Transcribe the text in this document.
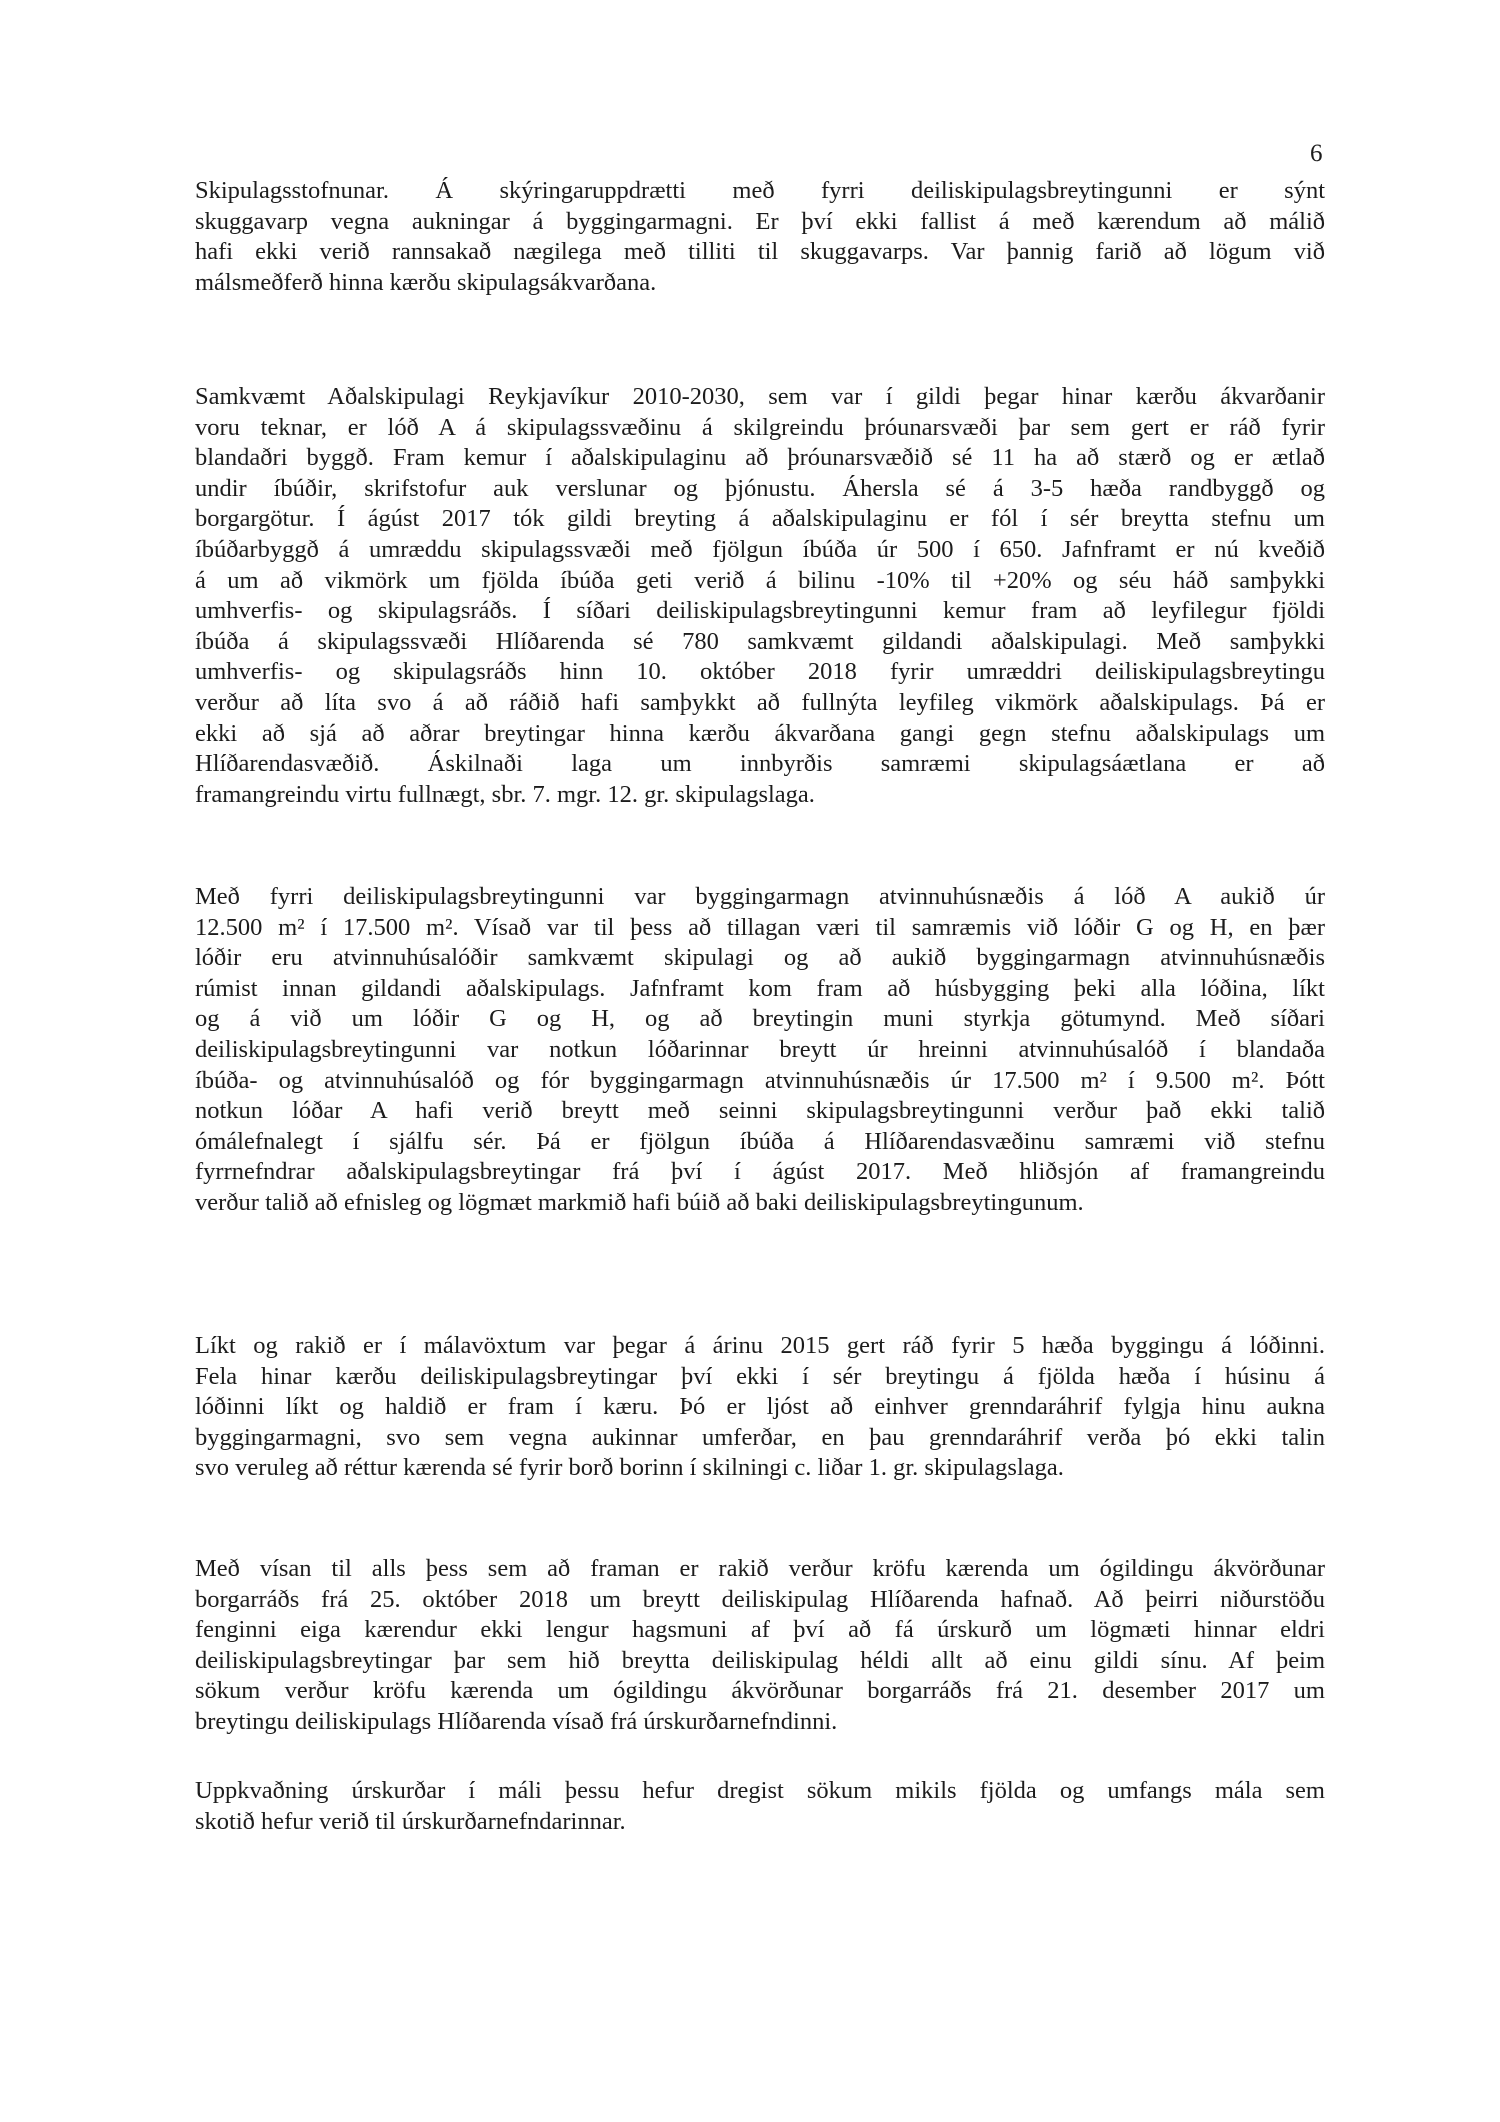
6
Skipulagsstofnunar. Á skýringaruppdrætti með fyrri deiliskipulagsbreytingunni er sýnt
skuggavarp vegna aukningar á byggingarmagni. Er því ekki fallist á með kærendum að málið
hafi ekki verið rannsakað nægilega með tilliti til skuggavarps. Var þannig farið að lögum við
málsmeðferð hinna kærðu skipulagsákvarðana.
Samkvæmt Aðalskipulagi Reykjavíkur 2010-2030, sem var í gildi þegar hinar kærðu ákvarðanir
voru teknar, er lóð A á skipulagssvæðinu á skilgreindu þróunarsvæði þar sem gert er ráð fyrir
blandaðri byggð. Fram kemur í aðalskipulaginu að þróunarsvæðið sé 11 ha að stærð og er ætlað
undir íbúðir, skrifstofur auk verslunar og þjónustu. Áhersla sé á 3-5 hæða randbyggð og
borgargötur. Í ágúst 2017 tók gildi breyting á aðalskipulaginu er fól í sér breytta stefnu um
íbúðarbyggð á umræddu skipulagssvæði með fjölgun íbúða úr 500 í 650. Jafnframt er nú kveðið
á um að vikmörk um fjölda íbúða geti verið á bilinu -10% til +20% og séu háð samþykki
umhverfis- og skipulagsráðs. Í síðari deiliskipulagsbreytingunni kemur fram að leyfilegur fjöldi
íbúða á skipulagssvæði Hlíðarenda sé 780 samkvæmt gildandi aðalskipulagi. Með samþykki
umhverfis- og skipulagsráðs hinn 10. október 2018 fyrir umræddri deiliskipulagsbreytingu
verður að líta svo á að ráðið hafi samþykkt að fullnýta leyfileg vikmörk aðalskipulags. Þá er
ekki að sjá að aðrar breytingar hinna kærðu ákvarðana gangi gegn stefnu aðalskipulags um
Hlíðarendasvæðið. Áskilnaði laga um innbyrðis samræmi skipulagsáætlana er að
framangreindu virtu fullnægt, sbr. 7. mgr. 12. gr. skipulagslaga.
Með fyrri deiliskipulagsbreytingunni var byggingarmagn atvinnuhúsnæðis á lóð A aukið úr
12.500 m² í 17.500 m². Vísað var til þess að tillagan væri til samræmis við lóðir G og H, en þær
lóðir eru atvinnuhúsalóðir samkvæmt skipulagi og að aukið byggingarmagn atvinnuhúsnæðis
rúmist innan gildandi aðalskipulags. Jafnframt kom fram að húsbygging þeki alla lóðina, líkt
og á við um lóðir G og H, og að breytingin muni styrkja götumynd. Með síðari
deiliskipulagsbreytingunni var notkun lóðarinnar breytt úr hreinni atvinnuhúsalóð í blandaða
íbúða- og atvinnuhúsalóð og fór byggingarmagn atvinnuhúsnæðis úr 17.500 m² í 9.500 m². Þótt
notkun lóðar A hafi verið breytt með seinni skipulagsbreytingunni verður það ekki talið
ómálefnalegt í sjálfu sér. Þá er fjölgun íbúða á Hlíðarendasvæðinu samræmi við stefnu
fyrrnefndrar aðalskipulagsbreytingar frá því í ágúst 2017. Með hliðsjón af framangreindu
verður talið að efnisleg og lögmæt markmið hafi búið að baki deiliskipulagsbreytingunum.
Líkt og rakið er í málavöxtum var þegar á árinu 2015 gert ráð fyrir 5 hæða byggingu á lóðinni.
Fela hinar kærðu deiliskipulagsbreytingar því ekki í sér breytingu á fjölda hæða í húsinu á
lóðinni líkt og haldið er fram í kæru. Þó er ljóst að einhver grenndaráhrif fylgja hinu aukna
byggingarmagni, svo sem vegna aukinnar umferðar, en þau grenndaráhrif verða þó ekki talin
svo veruleg að réttur kærenda sé fyrir borð borinn í skilningi c. liðar 1. gr. skipulagslaga.
Með vísan til alls þess sem að framan er rakið verður kröfu kærenda um ógildingu ákvörðunar
borgarráðs frá 25. október 2018 um breytt deiliskipulag Hlíðarenda hafnað. Að þeirri niðurstöðu
fenginni eiga kærendur ekki lengur hagsmuni af því að fá úrskurð um lögmæti hinnar eldri
deiliskipulagsbreytingar þar sem hið breytta deiliskipulag héldi allt að einu gildi sínu. Af þeim
sökum verður kröfu kærenda um ógildingu ákvörðunar borgarráðs frá 21. desember 2017 um
breytingu deiliskipulags Hlíðarenda vísað frá úrskurðarnefndinni.
Uppkvaðning úrskurðar í máli þessu hefur dregist sökum mikils fjölda og umfangs mála sem
skotið hefur verið til úrskurðarnefndarinnar.
